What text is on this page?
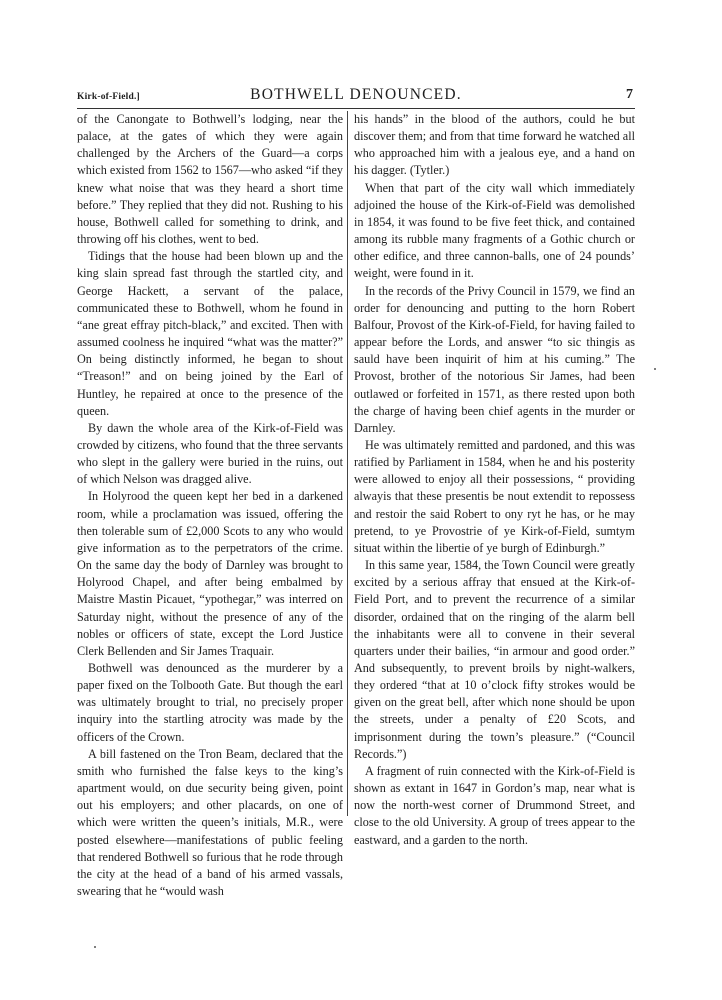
Kirk-of-Field.]	BOTHWELL DENOUNCED.	7

of the Canongate to Bothwell’s lodging, near the palace, at the gates of which they were again challenged by the Archers of the Guard—a corps which existed from 1562 to 1567—who asked “if they knew what noise that was they heard a short time before.” They replied that they did not. Rushing to his house, Bothwell called for something to drink, and throwing off his clothes, went to bed.

Tidings that the house had been blown up and the king slain spread fast through the startled city, and George Hackett, a servant of the palace, communicated these to Bothwell, whom he found in “ane great effray pitch-black,” and excited. Then with assumed coolness he inquired “what was the matter?” On being distinctly informed, he began to shout “Treason!” and on being joined by the Earl of Huntley, he repaired at once to the presence of the queen.

By dawn the whole area of the Kirk-of-Field was crowded by citizens, who found that the three servants who slept in the gallery were buried in the ruins, out of which Nelson was dragged alive.

In Holyrood the queen kept her bed in a darkened room, while a proclamation was issued, offering the then tolerable sum of £2,000 Scots to any who would give information as to the perpetrators of the crime. On the same day the body of Darnley was brought to Holyrood Chapel, and after being embalmed by Maistre Mastin Picauet, “ypothegar,” was interred on Saturday night, without the presence of any of the nobles or officers of state, except the Lord Justice Clerk Bellenden and Sir James Traquair.

Bothwell was denounced as the murderer by a paper fixed on the Tolbooth Gate. But though the earl was ultimately brought to trial, no precisely proper inquiry into the startling atrocity was made by the officers of the Crown.

A bill fastened on the Tron Beam, declared that the smith who furnished the false keys to the king’s apartment would, on due security being given, point out his employers; and other placards, on one of which were written the queen’s initials, M.R., were posted elsewhere—manifestations of public feeling that rendered Bothwell so furious that he rode through the city at the head of a band of his armed vassals, swearing that he “would wash

his hands” in the blood of the authors, could he but discover them; and from that time forward he watched all who approached him with a jealous eye, and a hand on his dagger. (Tytler.)

When that part of the city wall which immediately adjoined the house of the Kirk-of-Field was demolished in 1854, it was found to be five feet thick, and contained among its rubble many fragments of a Gothic church or other edifice, and three cannon-balls, one of 24 pounds’ weight, were found in it.

In the records of the Privy Council in 1579, we find an order for denouncing and putting to the horn Robert Balfour, Provost of the Kirk-of-Field, for having failed to appear before the Lords, and answer “to sic thingis as sauld have been inquirit of him at his cuming.” The Provost, brother of the notorious Sir James, had been outlawed or forfeited in 1571, as there rested upon both the charge of having been chief agents in the murder or Darnley.

He was ultimately remitted and pardoned, and this was ratified by Parliament in 1584, when he and his posterity were allowed to enjoy all their possessions, “ providing alwayis that these presentis be nout extendit to repossess and restoir the said Robert to ony ryt he has, or he may pretend, to ye Provostrie of ye Kirk-of-Field, sumtym situat within the libertie of ye burgh of Edinburgh.”

In this same year, 1584, the Town Council were greatly excited by a serious affray that ensued at the Kirk-of-Field Port, and to prevent the recurrence of a similar disorder, ordained that on the ringing of the alarm bell the inhabitants were all to convene in their several quarters under their bailies, “in armour and good order.” And subsequently, to prevent broils by night-walkers, they ordered “that at 10 o’clock fifty strokes would be given on the great bell, after which none should be upon the streets, under a penalty of £20 Scots, and imprisonment during the town’s pleasure.” (“Council Records.”)

A fragment of ruin connected with the Kirk-of-Field is shown as extant in 1647 in Gordon’s map, near what is now the north-west corner of Drummond Street, and close to the old University. A group of trees appear to the eastward, and a garden to the north.
